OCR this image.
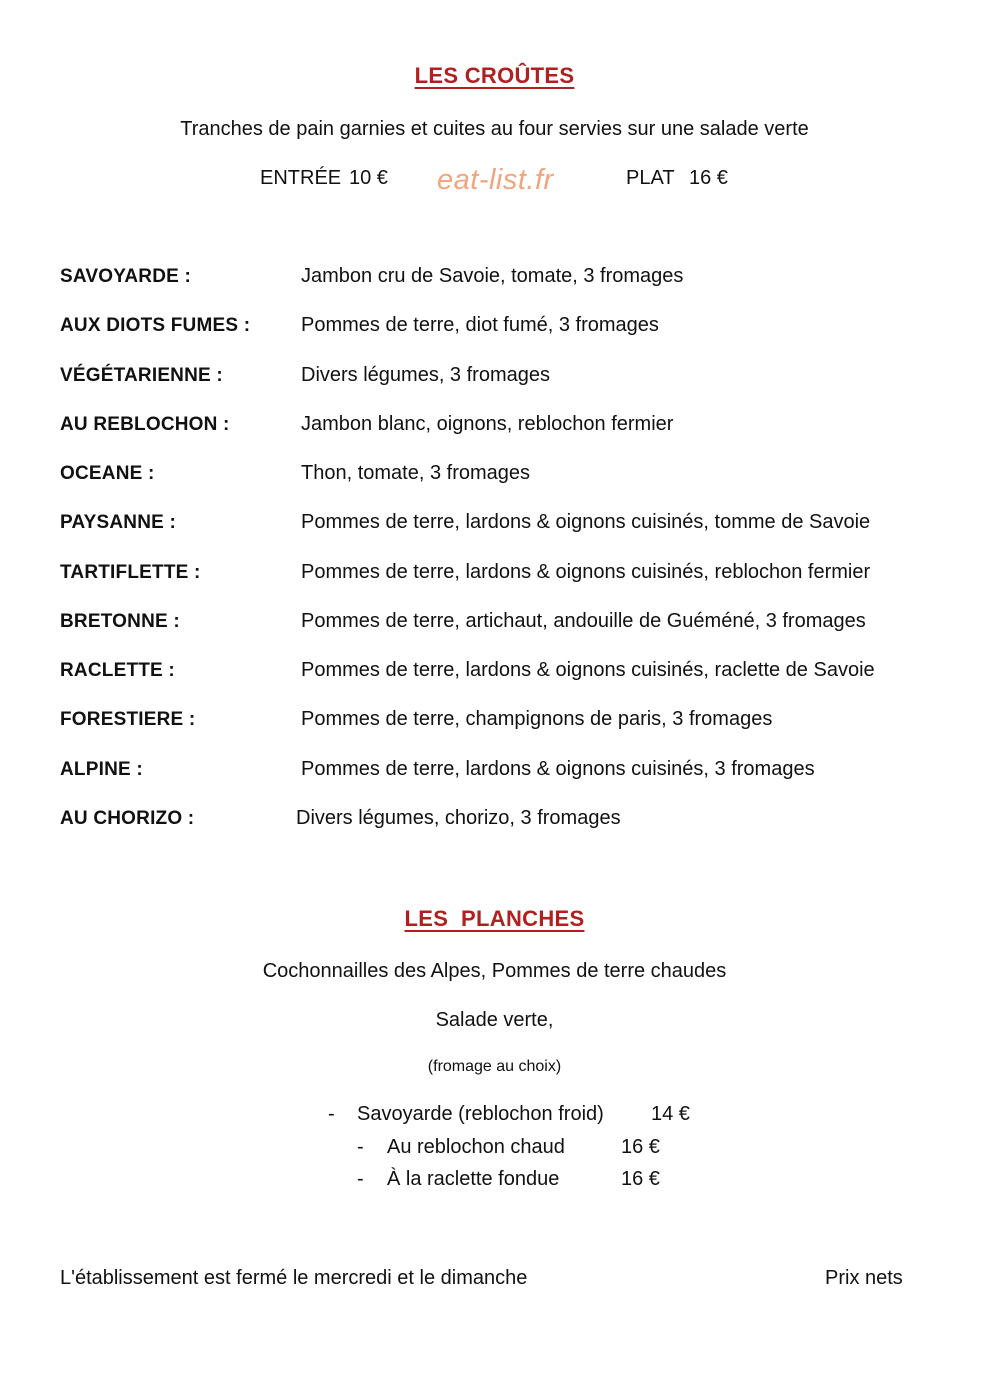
LES CROÛTES
Tranches de pain garnies et cuites au four servies sur une salade verte
ENTRÉE 10 € eat-list.fr	PLAT 16 €
SAVOYARDE :	Jambon cru de Savoie, tomate, 3 fromages
AUX DIOTS FUMES :	Pommes de terre, diot fumé, 3 fromages
VÉGÉTARIENNE :	Divers légumes, 3 fromages
AU REBLOCHON :	Jambon blanc, oignons, reblochon fermier
OCEANE :	Thon, tomate, 3 fromages
PAYSANNE :	Pommes de terre, lardons & oignons cuisinés, tomme de Savoie
TARTIFLETTE :	Pommes de terre, lardons & oignons cuisinés, reblochon fermier
BRETONNE :	Pommes de terre, artichaut, andouille de Guéméné, 3 fromages
RACLETTE :	Pommes de terre, lardons & oignons cuisinés, raclette de Savoie
FORESTIERE :	Pommes de terre, champignons de paris, 3 fromages
ALPINE :	Pommes de terre, lardons & oignons cuisinés, 3 fromages
AU CHORIZO :	Divers légumes, chorizo, 3 fromages
LES  PLANCHES
Cochonnailles des Alpes, Pommes de terre chaudes
Salade verte,
(fromage au choix)
- Savoyarde (reblochon froid) 14 €
- Au reblochon chaud	16 €
- À la raclette fondue	16 €
L'établissement est fermé le mercredi et le dimanche	Prix nets
